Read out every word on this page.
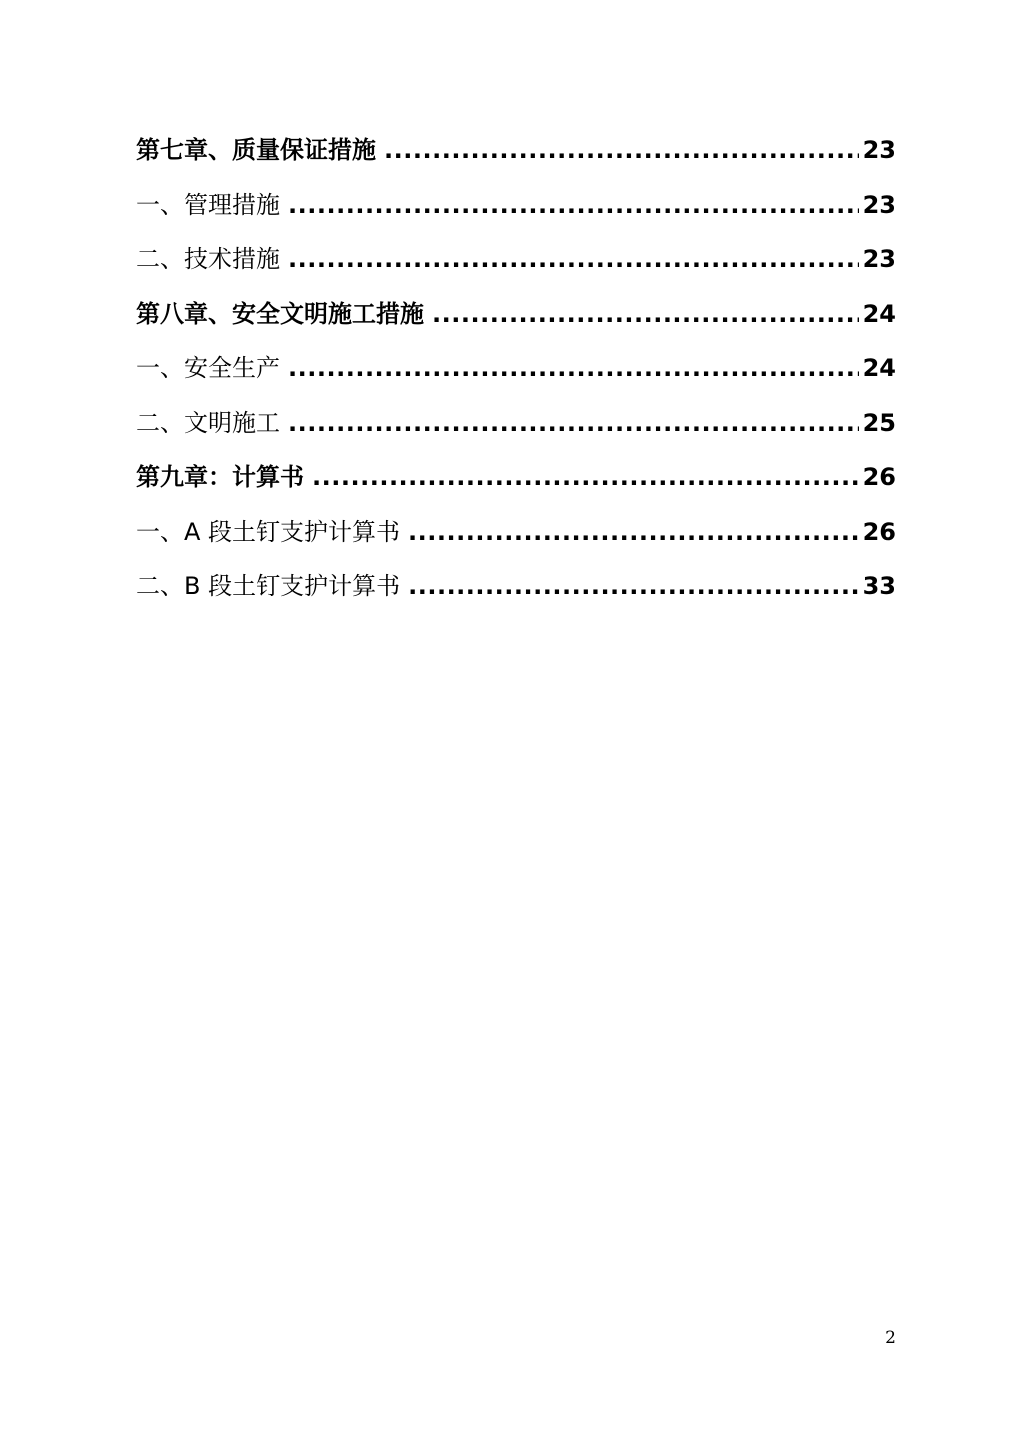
第七章、质量保证措施 .....	23
一、管理措施 .....	23
二、技术措施 .....	23
第八章、安全文明施工措施 .....	24
一、安全生产 .....	24
二、文明施工 .....	25
第九章：计算书 .....	26
一、A 段土钉支护计算书 .....	26
二、B 段土钉支护计算书 .....	33
2
